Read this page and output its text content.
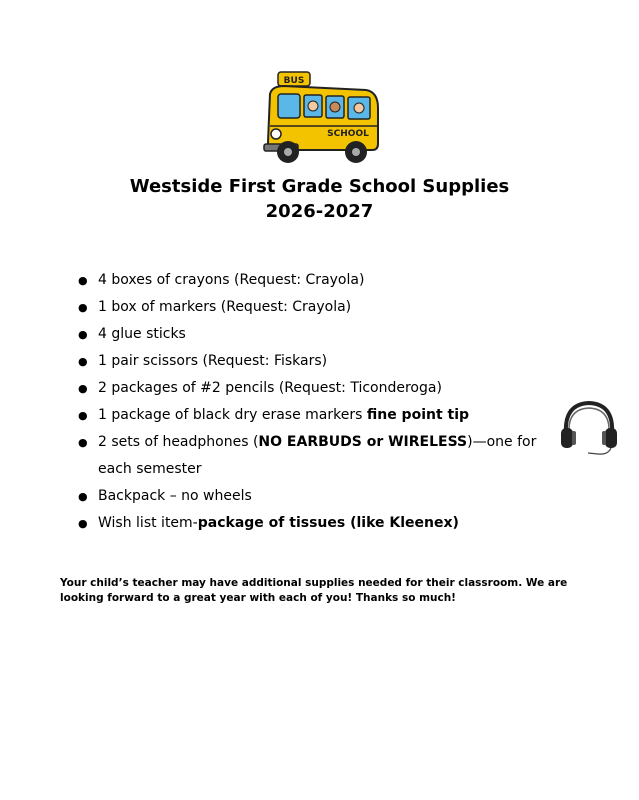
BUS
SCHOOL
Westside First Grade School Supplies
2026-2027
● 4 boxes of crayons (Request: Crayola)
● 1 box of markers (Request: Crayola)
● 4 glue sticks
● 1 pair scissors (Request: Fiskars)
● 2 packages of #2 pencils (Request: Ticonderoga)
● 1 package of black dry erase markers fine point tip
● 2 sets of headphones (NO EARBUDS or WIRELESS)—one for each semester
● Backpack – no wheels
● Wish list item-package of tissues (like Kleenex)
Your child’s teacher may have additional supplies needed for their classroom. We are looking forward to a great year with each of you! Thanks so much!
